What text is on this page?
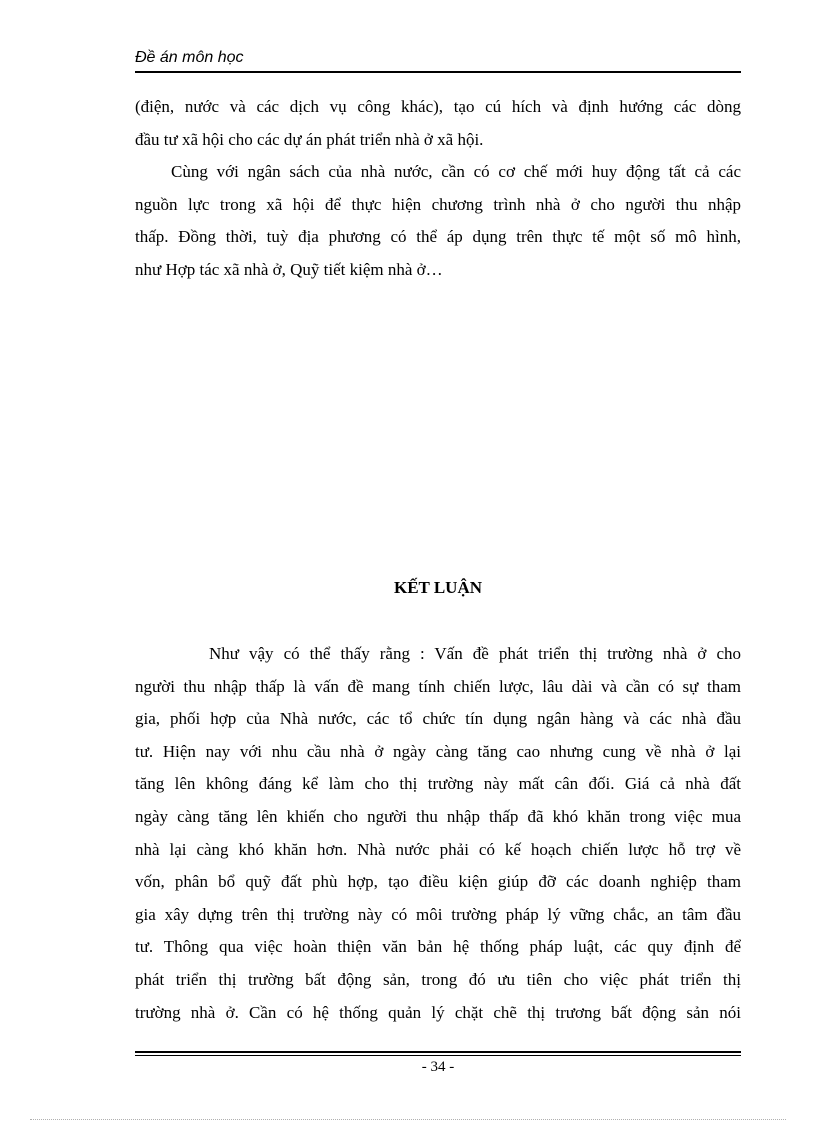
Đề án môn học
(điện, nước và các dịch vụ công khác), tạo cú hích và định hướng các dòng
đầu tư xã hội cho các dự án phát triển nhà ở xã hội.
Cùng với ngân sách của nhà nước, cần có cơ chế mới huy động tất cả các
nguồn lực trong xã hội để thực hiện chương trình nhà ở cho người thu nhập
thấp. Đồng thời, tuỳ địa phương có thể áp dụng trên thực tế một số mô hình,
như Hợp tác xã nhà ở, Quỹ tiết kiệm nhà ở…
KẾT LUẬN
Như vậy có thể thấy rằng : Vấn đề phát triển thị trường nhà ở cho
người thu nhập thấp là vấn đề mang tính chiến lược, lâu dài và cần có sự tham
gia, phối hợp của Nhà nước, các tổ chức tín dụng ngân hàng và các nhà đầu
tư. Hiện nay với nhu cầu nhà ở ngày càng tăng cao nhưng cung về nhà ở lại
tăng lên không đáng kể làm cho thị trường này mất cân đối. Giá cả nhà đất
ngày càng tăng lên khiến cho người thu nhập thấp đã khó khăn trong việc mua
nhà lại càng khó khăn hơn. Nhà nước phải có kế hoạch chiến lược hỗ trợ về
vốn, phân bổ quỹ đất phù hợp, tạo điều kiện giúp đỡ các doanh nghiệp tham
gia xây dựng trên thị trường này có môi trường pháp lý vững chắc, an tâm đầu
tư. Thông qua việc hoàn thiện văn bản hệ thống pháp luật, các quy định để
phát triển thị trường bất động sản, trong đó ưu tiên cho việc phát triển thị
trường nhà ở. Cần có hệ thống quản lý chặt chẽ thị trương bất động sản nói
- 34 -
